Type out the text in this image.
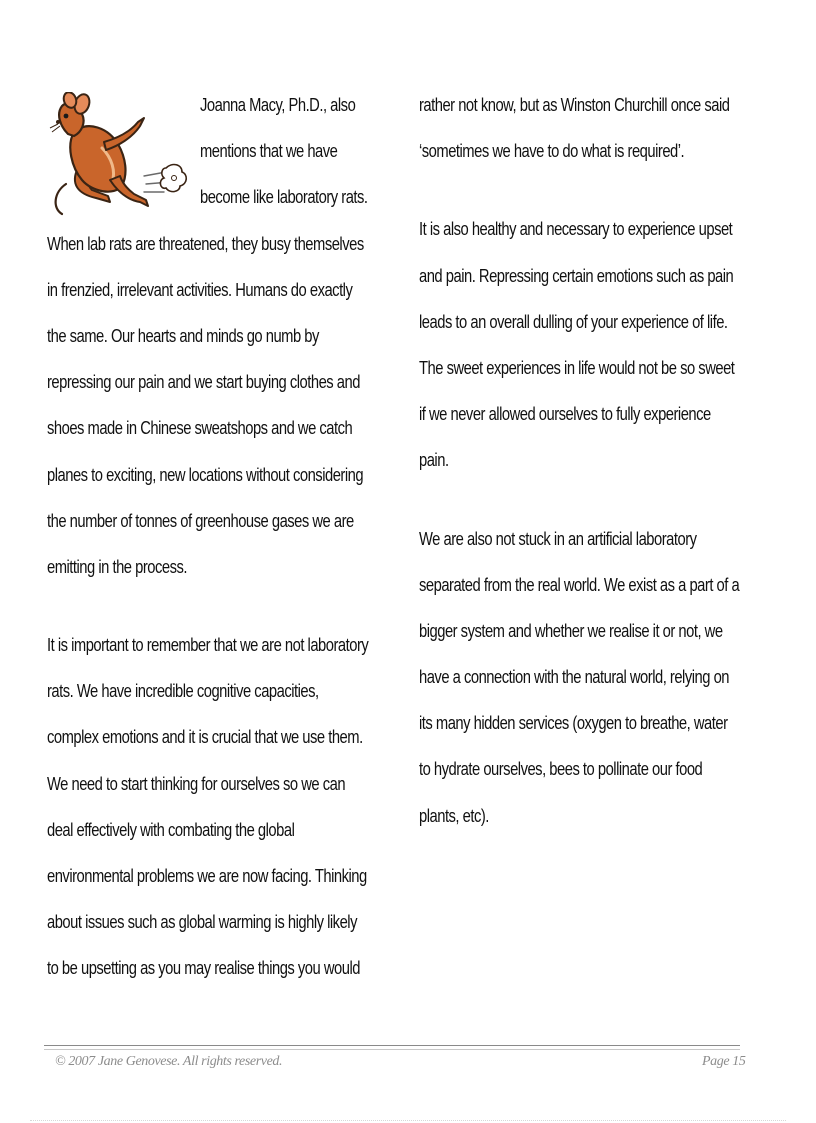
Joanna Macy, Ph.D., also
mentions that we have
become like laboratory rats.
When lab rats are threatened, they busy themselves
in frenzied, irrelevant activities. Humans do exactly
the same. Our hearts and minds go numb by
repressing our pain and we start buying clothes and
shoes made in Chinese sweatshops and we catch
planes to exciting, new locations without considering
the number of tonnes of greenhouse gases we are
emitting in the process.
It is important to remember that we are not laboratory
rats. We have incredible cognitive capacities,
complex emotions and it is crucial that we use them.
We need to start thinking for ourselves so we can
deal effectively with combating the global
environmental problems we are now facing. Thinking
about issues such as global warming is highly likely
to be upsetting as you may realise things you would
rather not know, but as Winston Churchill once said
‘sometimes we have to do what is required’.
It is also healthy and necessary to experience upset
and pain. Repressing certain emotions such as pain
leads to an overall dulling of your experience of life.
The sweet experiences in life would not be so sweet
if we never allowed ourselves to fully experience
pain.
We are also not stuck in an artificial laboratory
separated from the real world. We exist as a part of a
bigger system and whether we realise it or not, we
have a connection with the natural world, relying on
its many hidden services (oxygen to breathe, water
to hydrate ourselves, bees to pollinate our food
plants, etc).
© 2007 Jane Genovese. All rights reserved.	Page 15
